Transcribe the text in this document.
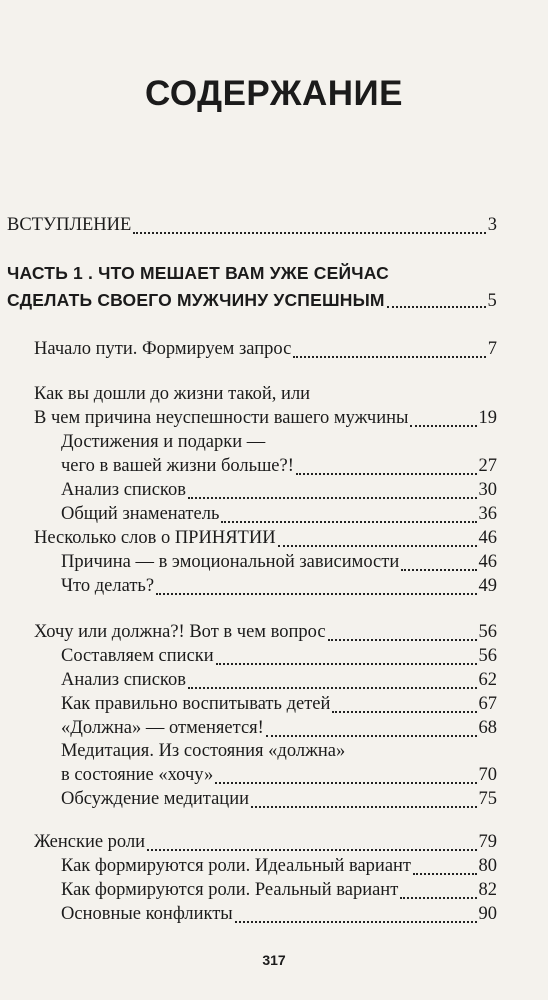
СОДЕРЖАНИЕ
ВСТУПЛЕНИЕ	3
ЧАСТЬ 1 . ЧТО МЕШАЕТ ВАМ УЖЕ СЕЙЧАС
СДЕЛАТЬ СВОЕГО МУЖЧИНУ УСПЕШНЫМ	5
Начало пути. Формируем запрос	7
Как вы дошли до жизни такой, или
В чем причина неуспешности вашего мужчины	19
Достижения и подарки —
чего в вашей жизни больше?!	27
Анализ списков	30
Общий знаменатель	36
Несколько слов о ПРИНЯТИИ	46
Причина — в эмоциональной зависимости	46
Что делать?	49
Хочу или должна?! Вот в чем вопрос	56
Составляем списки	56
Анализ списков	62
Как правильно воспитывать детей	67
«Должна» — отменяется!	68
Медитация. Из состояния «должна»
в состояние «хочу»	70
Обсуждение медитации	75
Женские роли	79
Как формируются роли. Идеальный вариант	80
Как формируются роли. Реальный вариант	82
Основные конфликты	90
317
